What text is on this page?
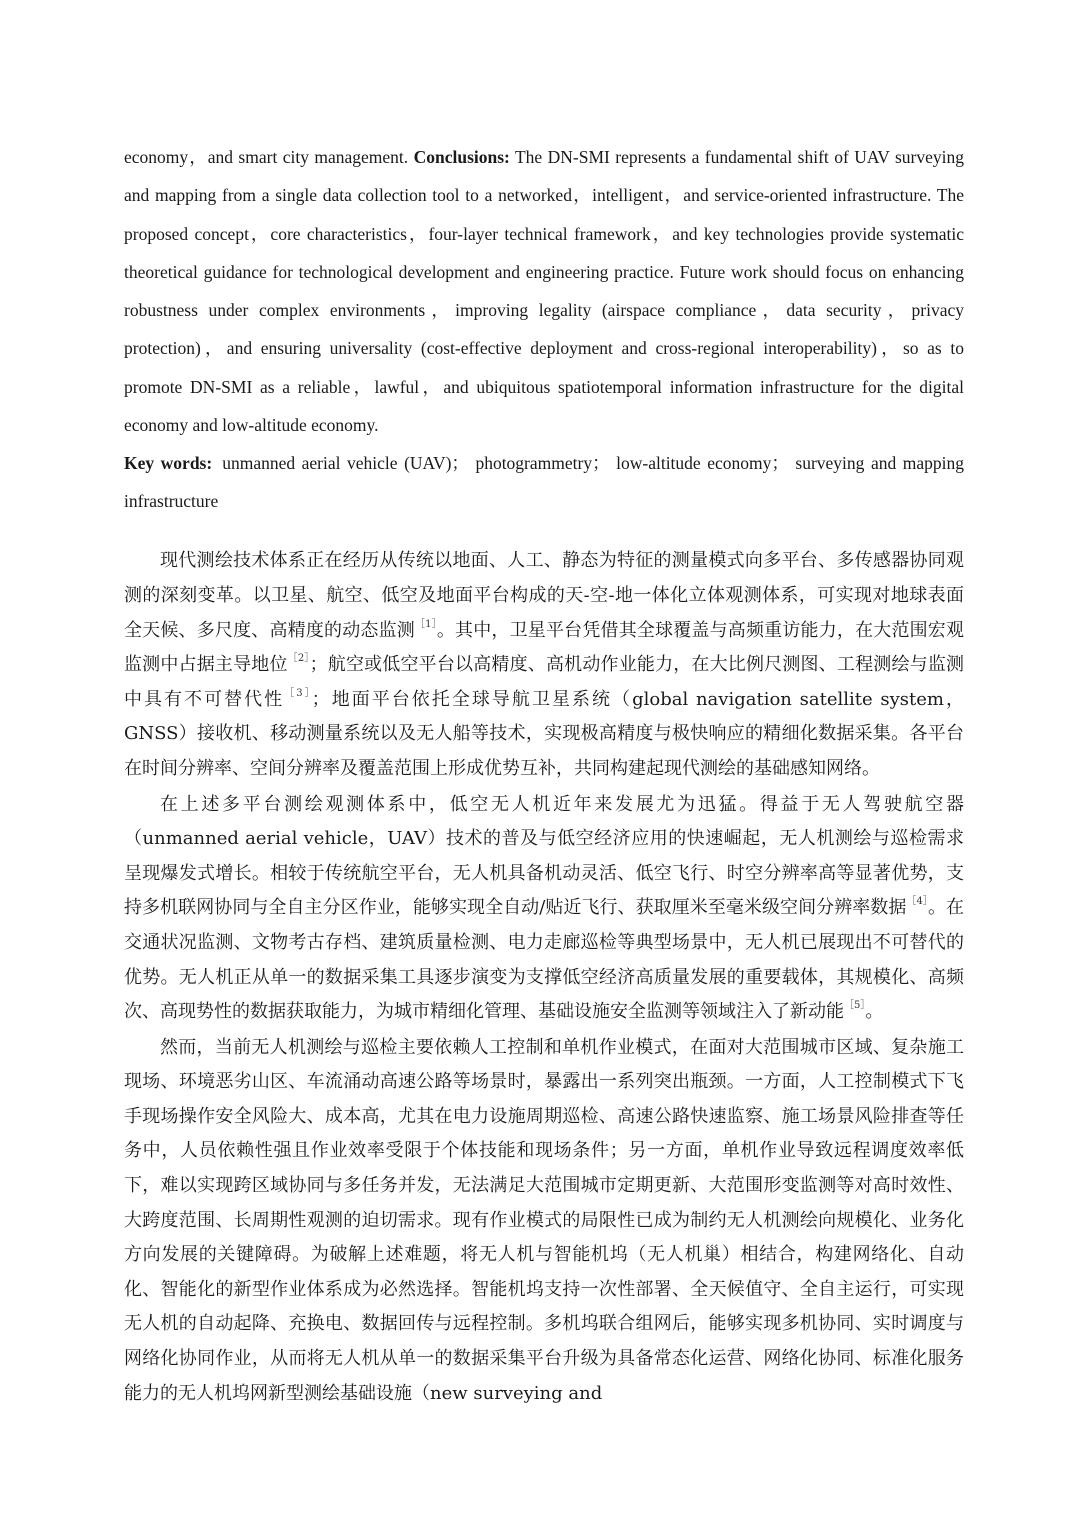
economy，and smart city management. Conclusions: The DN-SMI represents a fundamental shift of UAV surveying and mapping from a single data collection tool to a networked，intelligent，and service-oriented infrastructure. The proposed concept，core characteristics，four-layer technical framework，and key technologies provide systematic theoretical guidance for technological development and engineering practice. Future work should focus on enhancing robustness under complex environments，improving legality (airspace compliance，data security，privacy protection)，and ensuring universality (cost-effective deployment and cross-regional interoperability)，so as to promote DN-SMI as a reliable，lawful，and ubiquitous spatiotemporal information infrastructure for the digital economy and low-altitude economy.

Key words: unmanned aerial vehicle (UAV)； photogrammetry； low-altitude economy； surveying and mapping infrastructure

现代测绘技术体系正在经历从传统以地面、人工、静态为特征的测量模式向多平台、多传感器协同观测的深刻变革。以卫星、航空、低空及地面平台构成的天-空-地一体化立体观测体系，可实现对地球表面全天候、多尺度、高精度的动态监测$^{[1]}$。其中，卫星平台凭借其全球覆盖与高频重访能力，在大范围宏观监测中占据主导地位$^{[2]}$；航空或低空平台以高精度、高机动作业能力，在大比例尺测图、工程测绘与监测中具有不可替代性$^{[3]}$；地面平台依托全球导航卫星系统（global navigation satellite system，GNSS）接收机、移动测量系统以及无人船等技术，实现极高精度与极快响应的精细化数据采集。各平台在时间分辨率、空间分辨率及覆盖范围上形成优势互补，共同构建起现代测绘的基础感知网络。

在上述多平台测绘观测体系中，低空无人机近年来发展尤为迅猛。得益于无人驾驶航空器（unmanned aerial vehicle，UAV）技术的普及与低空经济应用的快速崛起，无人机测绘与巡检需求呈现爆发式增长。相较于传统航空平台，无人机具备机动灵活、低空飞行、时空分辨率高等显著优势，支持多机联网协同与全自主分区作业，能够实现全自动/贴近飞行、获取厘米至毫米级空间分辨率数据$^{[4]}$。在交通状况监测、文物考古存档、建筑质量检测、电力走廊巡检等典型场景中，无人机已展现出不可替代的优势。无人机正从单一的数据采集工具逐步演变为支撑低空经济高质量发展的重要载体，其规模化、高频次、高现势性的数据获取能力，为城市精细化管理、基础设施安全监测等领域注入了新动能$^{[5]}$。

然而，当前无人机测绘与巡检主要依赖人工控制和单机作业模式，在面对大范围城市区域、复杂施工现场、环境恶劣山区、车流涌动高速公路等场景时，暴露出一系列突出瓶颈。一方面，人工控制模式下飞手现场操作安全风险大、成本高，尤其在电力设施周期巡检、高速公路快速监察、施工场景风险排查等任务中，人员依赖性强且作业效率受限于个体技能和现场条件；另一方面，单机作业导致远程调度效率低下，难以实现跨区域协同与多任务并发，无法满足大范围城市定期更新、大范围形变监测等对高时效性、大跨度范围、长周期性观测的迫切需求。现有作业模式的局限性已成为制约无人机测绘向规模化、业务化方向发展的关键障碍。为破解上述难题，将无人机与智能机坞（无人机巢）相结合，构建网络化、自动化、智能化的新型作业体系成为必然选择。智能机坞支持一次性部署、全天候值守、全自主运行，可实现无人机的自动起降、充换电、数据回传与远程控制。多机坞联合组网后，能够实现多机协同、实时调度与网络化协同作业，从而将无人机从单一的数据采集平台升级为具备常态化运营、网络化协同、标准化服务能力的无人机坞网新型测绘基础设施（new surveying and
